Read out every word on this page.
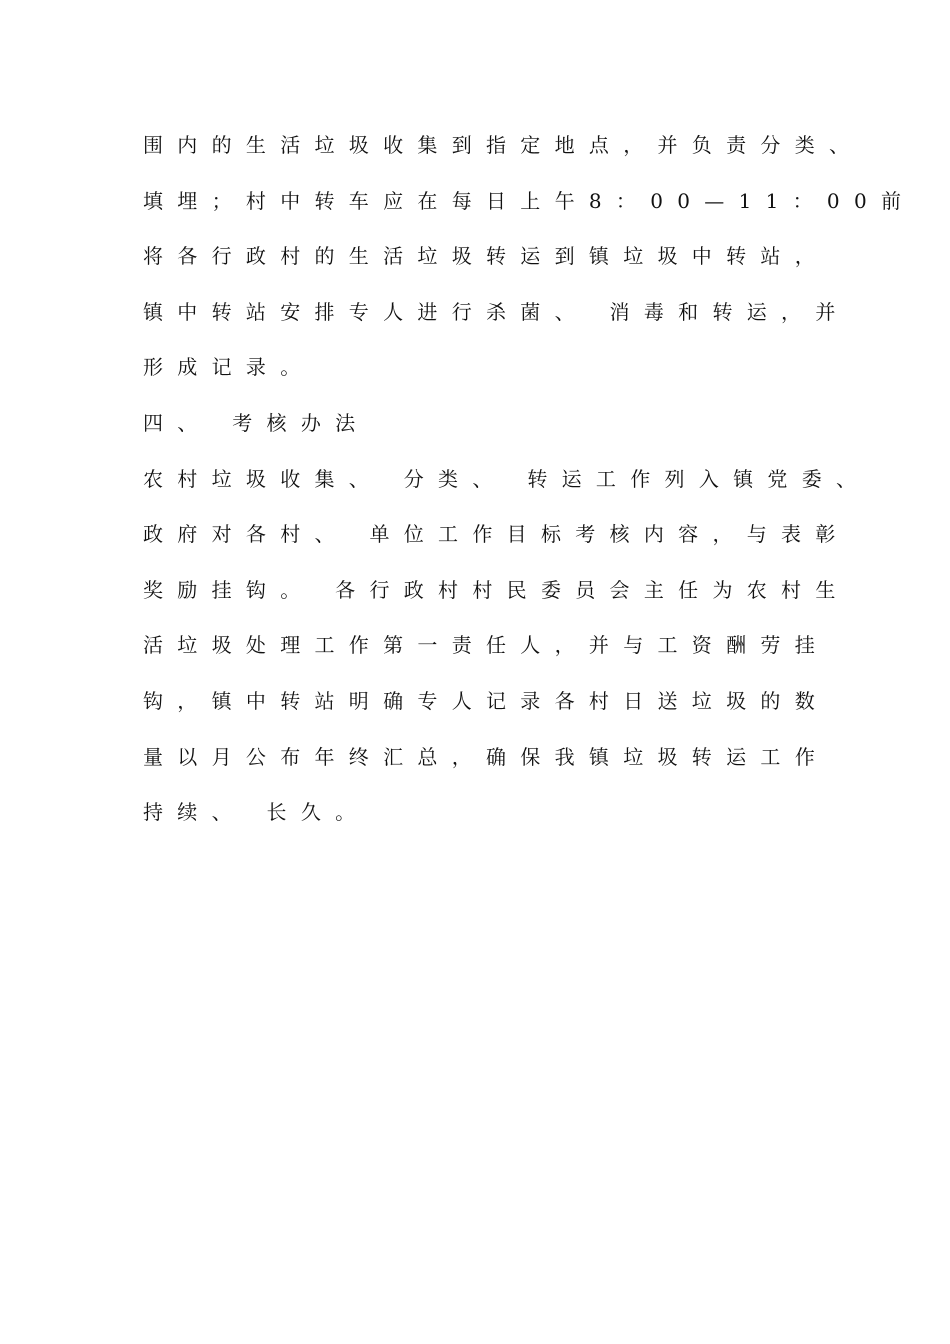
围内的生活垃圾收集到指定地点，并负责分类、
填埋；村中转车应在每日上午8：00—11：00前
将各行政村的生活垃圾转运到镇垃圾中转站，
镇中转站安排专人进行杀菌、 消毒和转运，并
形成记录。
四、 考核办法
农村垃圾收集、 分类、 转运工作列入镇党委、
政府对各村、 单位工作目标考核内容，与表彰
奖励挂钩。 各行政村村民委员会主任为农村生
活垃圾处理工作第一责任人，并与工资酬劳挂
钩，镇中转站明确专人记录各村日送垃圾的数
量以月公布年终汇总，确保我镇垃圾转运工作
持续、 长久。
